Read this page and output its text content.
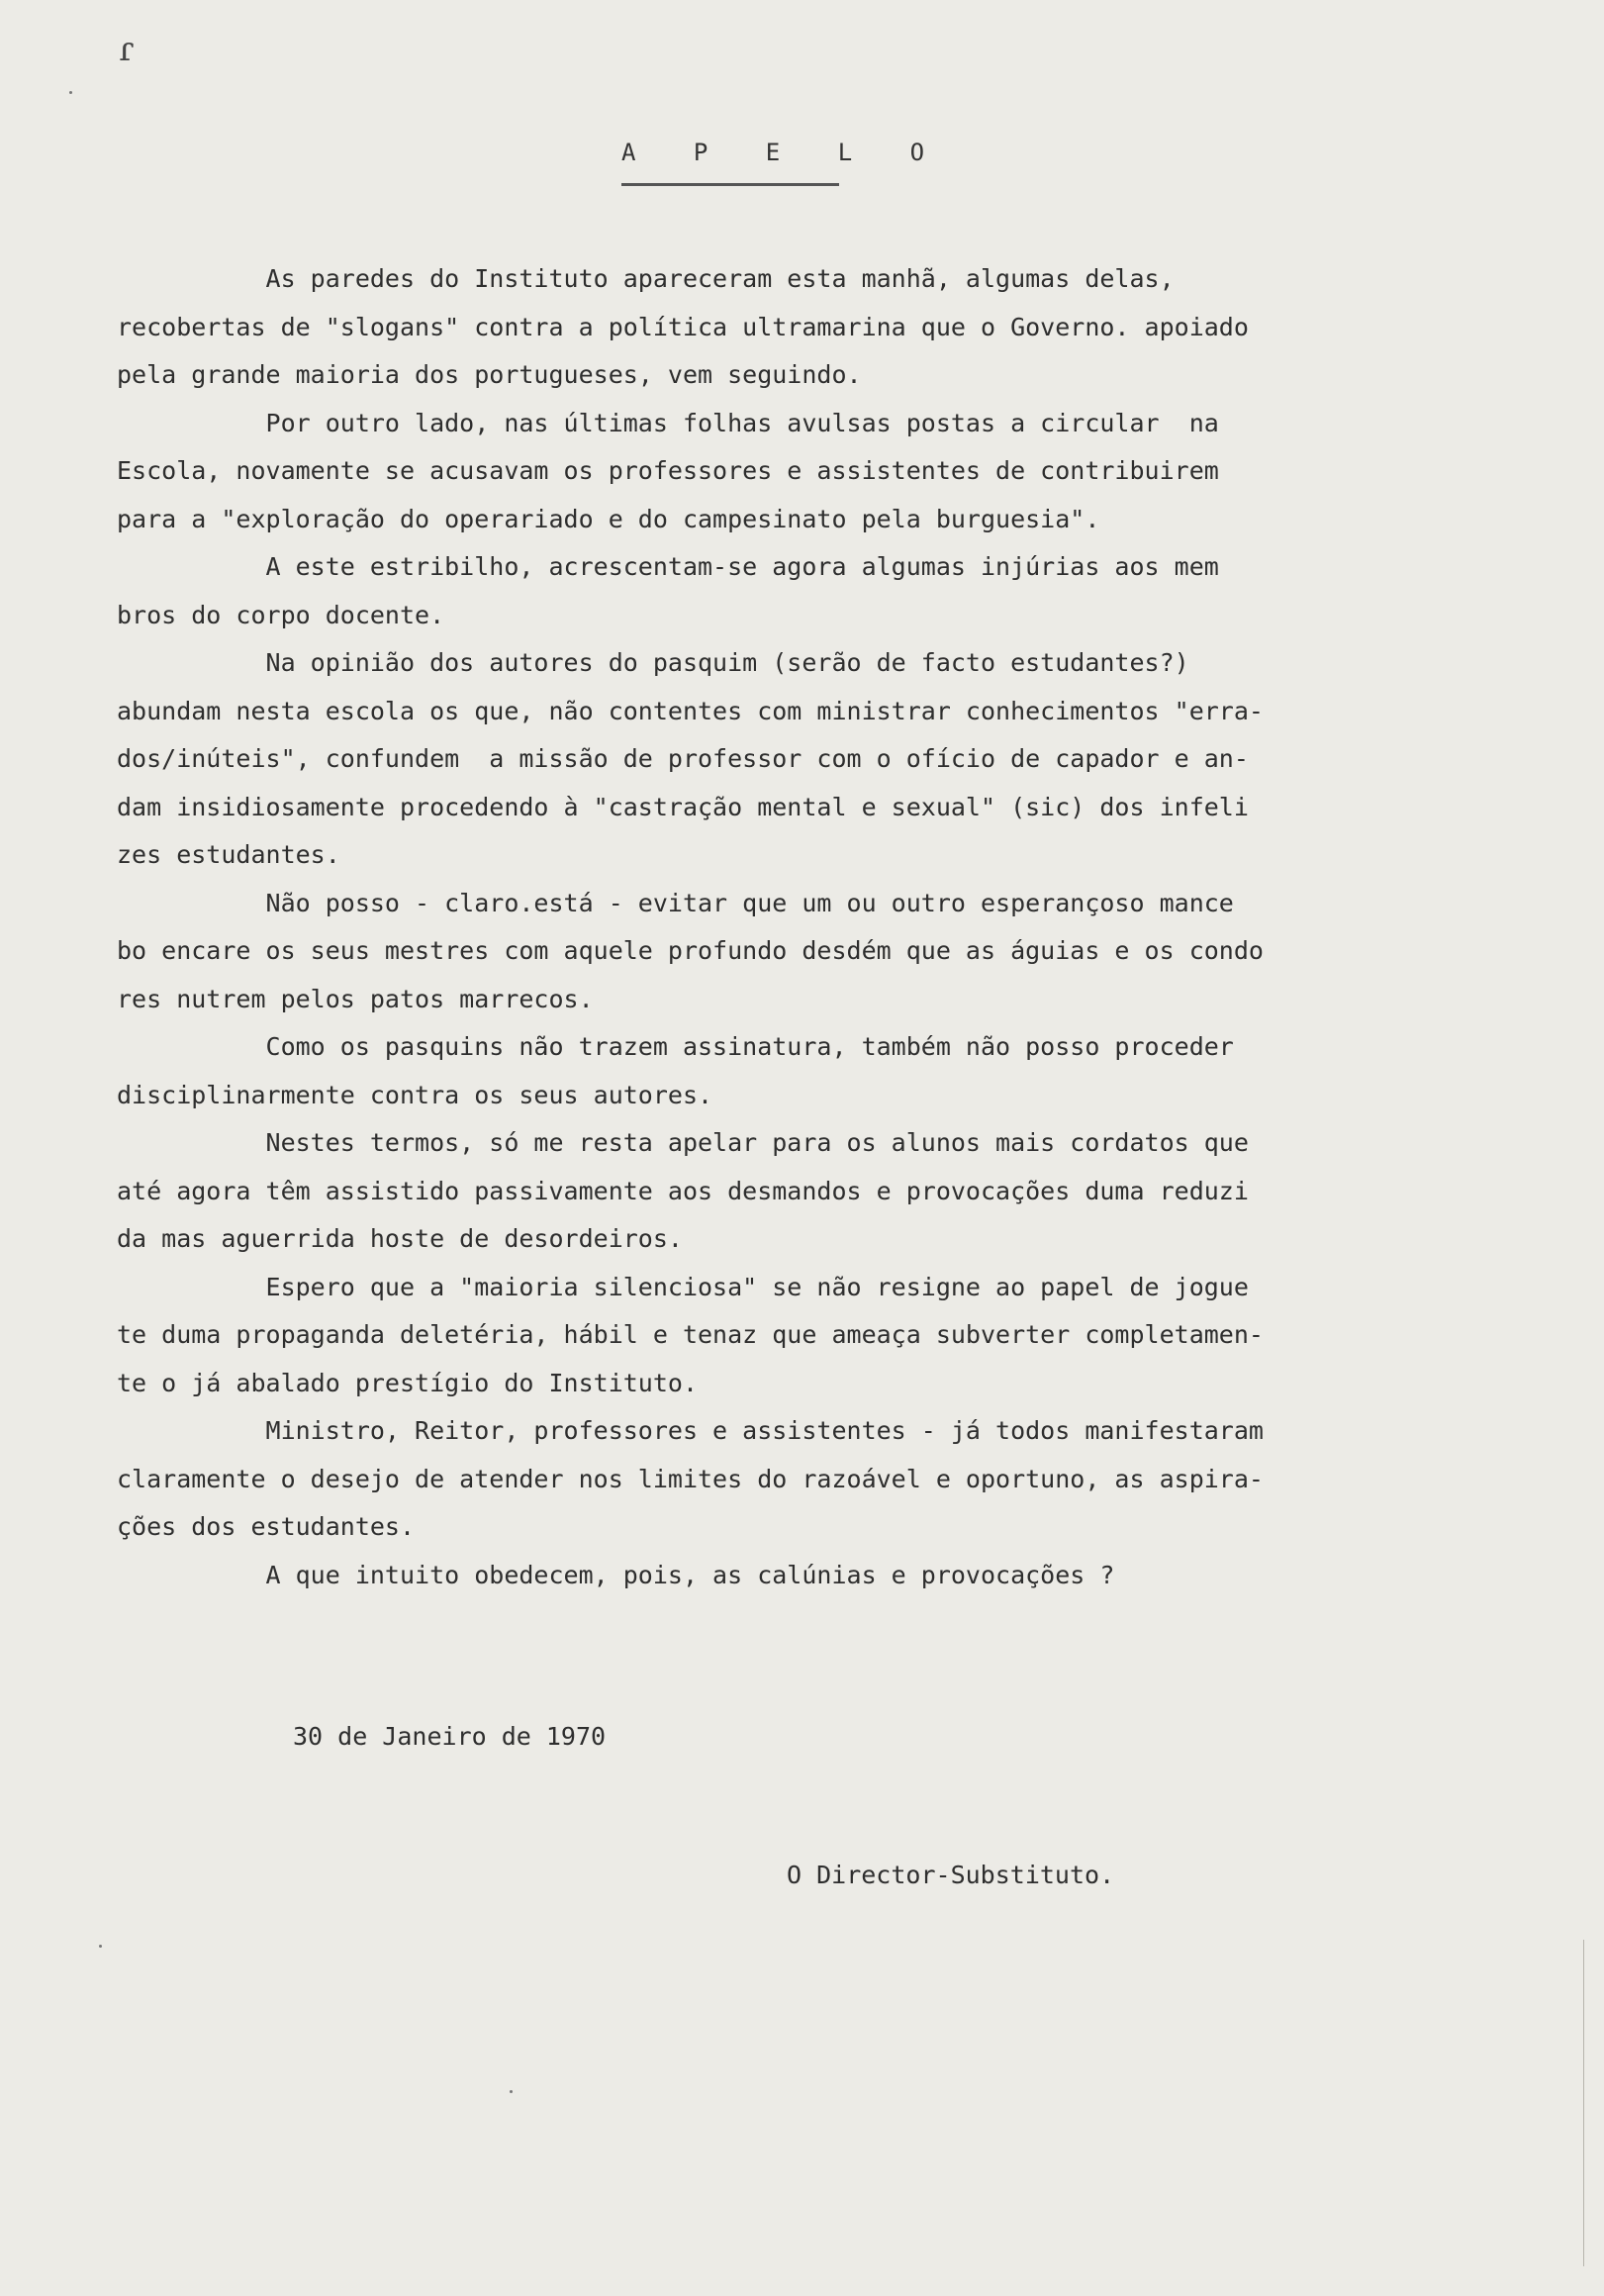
ɾ
A P E L O
As paredes do Instituto apareceram esta manhã, algumas delas,
recobertas de "slogans" contra a política ultramarina que o Governo. apoiado
pela grande maioria dos portugueses, vem seguindo.
Por outro lado, nas últimas folhas avulsas postas a circular  na
Escola, novamente se acusavam os professores e assistentes de contribuirem
para a "exploração do operariado e do campesinato pela burguesia".
A este estribilho, acrescentam-se agora algumas injúrias aos mem
bros do corpo docente.
Na opinião dos autores do pasquim (serão de facto estudantes?)
abundam nesta escola os que, não contentes com ministrar conhecimentos "erra-
dos/inúteis", confundem  a missão de professor com o ofício de capador e an-
dam insidiosamente procedendo à "castração mental e sexual" (sic) dos infeli
zes estudantes.
Não posso - claro.está - evitar que um ou outro esperançoso mance
bo encare os seus mestres com aquele profundo desdém que as águias e os condo
res nutrem pelos patos marrecos.
Como os pasquins não trazem assinatura, também não posso proceder
disciplinarmente contra os seus autores.
Nestes termos, só me resta apelar para os alunos mais cordatos que
até agora têm assistido passivamente aos desmandos e provocações duma reduzi
da mas aguerrida hoste de desordeiros.
Espero que a "maioria silenciosa" se não resigne ao papel de jogue
te duma propaganda deletéria, hábil e tenaz que ameaça subverter completamen-
te o já abalado prestígio do Instituto.
Ministro, Reitor, professores e assistentes - já todos manifestaram
claramente o desejo de atender nos limites do razoável e oportuno, as aspira-
ções dos estudantes.
A que intuito obedecem, pois, as calúnias e provocações ?
30 de Janeiro de 1970
O Director-Substituto.
